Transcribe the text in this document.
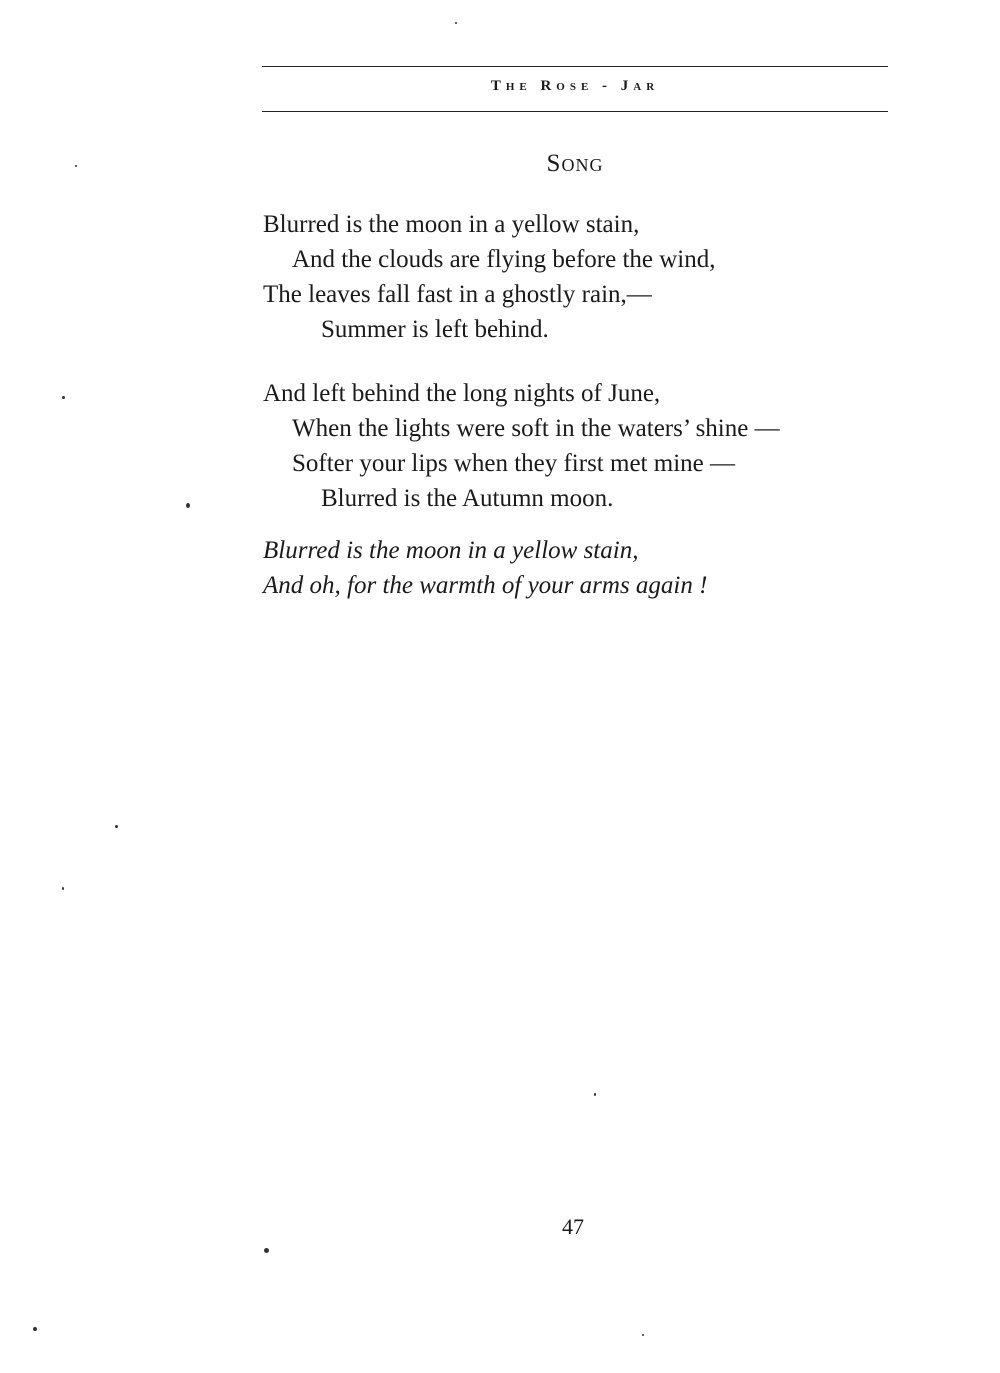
The Rose - Jar
Song
Blurred is the moon in a yellow stain,
And the clouds are flying before the wind,
The leaves fall fast in a ghostly rain,—
Summer is left behind.
And left behind the long nights of June,
When the lights were soft in the waters’ shine —
Softer your lips when they first met mine —
Blurred is the Autumn moon.
Blurred is the moon in a yellow stain,
And oh, for the warmth of your arms again !
47
